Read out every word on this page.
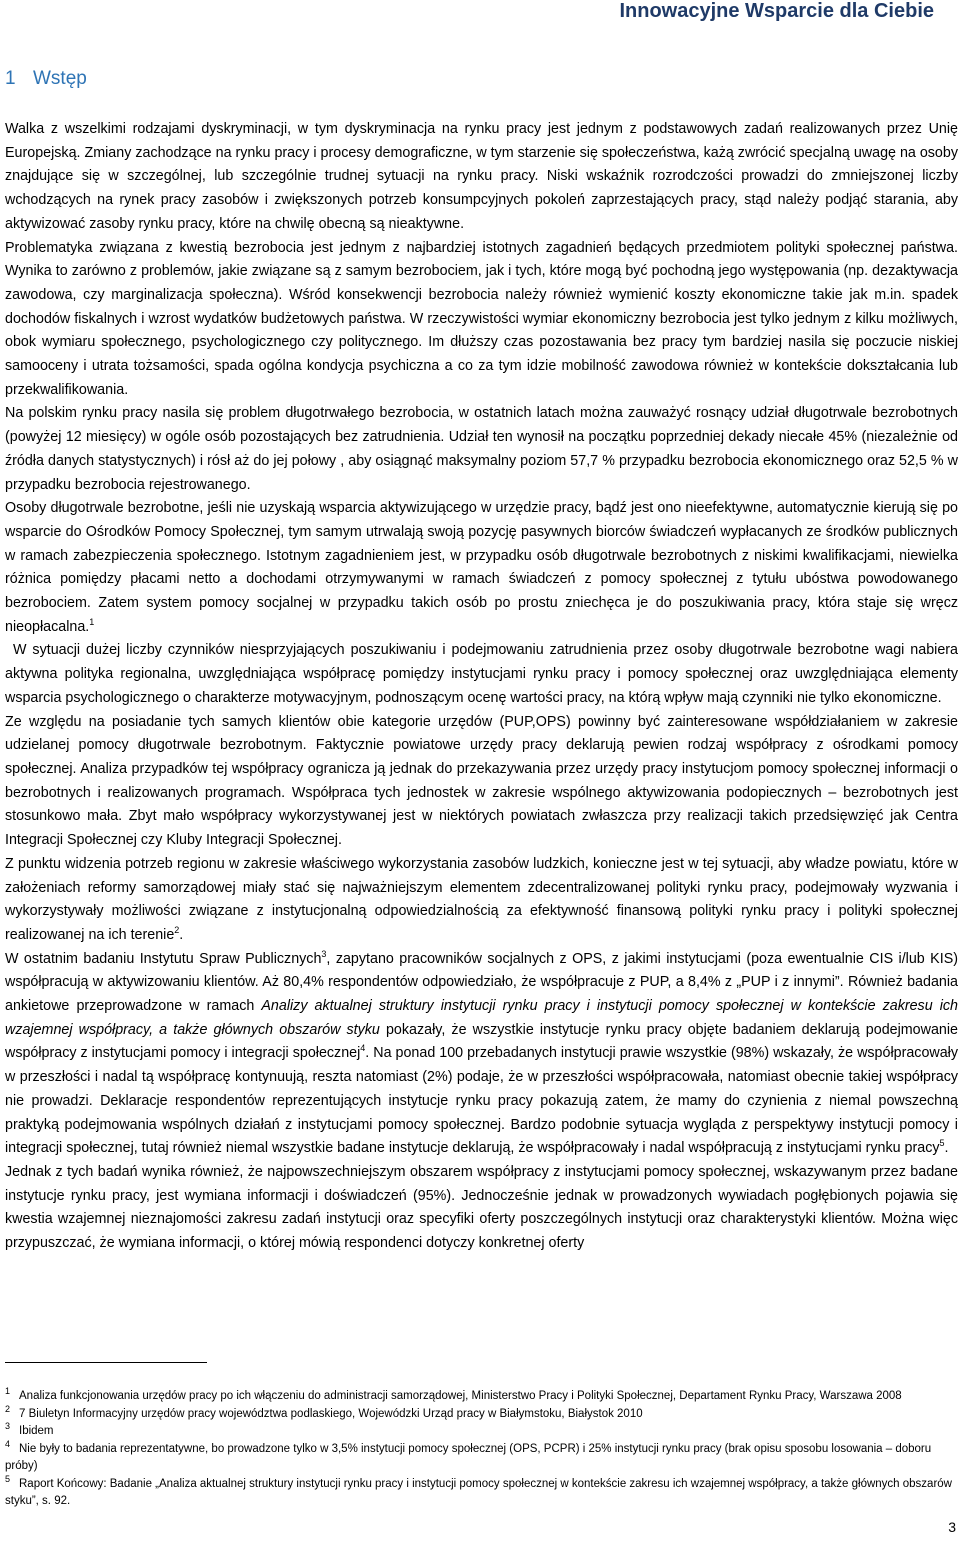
Innowacyjne Wsparcie dla Ciebie
1 Wstęp

Walka z wszelkimi rodzajami dyskryminacji, w tym dyskryminacja na rynku pracy jest jednym z podstawowych zadań realizowanych przez Unię Europejską. Zmiany zachodzące na rynku pracy i procesy demograficzne, w tym starzenie się społeczeństwa, każą zwrócić specjalną uwagę na osoby znajdujące się w szczególnej, lub szczególnie trudnej sytuacji na rynku pracy. Niski wskaźnik rozrodczości prowadzi do zmniejszonej liczby wchodzących na rynek pracy zasobów i zwiększonych potrzeb konsumpcyjnych pokoleń zaprzestających pracy, stąd należy podjąć starania, aby aktywizować zasoby rynku pracy, które na chwilę obecną są nieaktywne.

Problematyka związana z kwestią bezrobocia jest jednym z najbardziej istotnych zagadnień będących przedmiotem polityki społecznej państwa. Wynika to zarówno z problemów, jakie związane są z samym bezrobociem, jak i tych, które mogą być pochodną jego występowania (np. dezaktywacja zawodowa, czy marginalizacja społeczna). Wśród konsekwencji bezrobocia należy również wymienić koszty ekonomiczne takie jak m.in. spadek dochodów fiskalnych i wzrost wydatków budżetowych państwa. W rzeczywistości wymiar ekonomiczny bezrobocia jest tylko jednym z kilku możliwych, obok wymiaru społecznego, psychologicznego czy politycznego. Im dłuższy czas pozostawania bez pracy tym bardziej nasila się poczucie niskiej samooceny i utrata tożsamości, spada ogólna kondycja psychiczna a co za tym idzie mobilność zawodowa również w kontekście dokształcania lub przekwalifikowania.

Na polskim rynku pracy nasila się problem długotrwałego bezrobocia, w ostatnich latach można zauważyć rosnący udział długotrwale bezrobotnych (powyżej 12 miesięcy) w ogóle osób pozostających bez zatrudnienia. Udział ten wynosił na początku poprzedniej dekady niecałe 45% (niezależnie od źródła danych statystycznych) i rósł aż do jej połowy , aby osiągnąć maksymalny poziom 57,7 % przypadku bezrobocia ekonomicznego oraz 52,5 % w przypadku bezrobocia rejestrowanego.

Osoby długotrwale bezrobotne, jeśli nie uzyskają wsparcia aktywizującego w urzędzie pracy, bądź jest ono nieefektywne, automatycznie kierują się po wsparcie do Ośrodków Pomocy Społecznej, tym samym utrwalają swoją pozycję pasywnych biorców świadczeń wypłacanych ze środków publicznych w ramach zabezpieczenia społecznego. Istotnym zagadnieniem jest, w przypadku osób długotrwale bezrobotnych z niskimi kwalifikacjami, niewielka różnica pomiędzy płacami netto a dochodami otrzymywanymi w ramach świadczeń z pomocy społecznej z tytułu ubóstwa powodowanego bezrobociem. Zatem system pomocy socjalnej w przypadku takich osób po prostu zniechęca je do poszukiwania pracy, która staje się wręcz nieopłacalna.$^1$

W sytuacji dużej liczby czynników niesprzyjających poszukiwaniu i podejmowaniu zatrudnienia przez osoby długotrwale bezrobotne wagi nabiera aktywna polityka regionalna, uwzględniająca współpracę pomiędzy instytucjami rynku pracy i pomocy społecznej oraz uwzględniająca elementy wsparcia psychologicznego o charakterze motywacyjnym, podnoszącym ocenę wartości pracy, na którą wpływ mają czynniki nie tylko ekonomiczne.

Ze względu na posiadanie tych samych klientów obie kategorie urzędów (PUP,OPS) powinny być zainteresowane współdziałaniem w zakresie udzielanej pomocy długotrwale bezrobotnym. Faktycznie powiatowe urzędy pracy deklarują pewien rodzaj współpracy z ośrodkami pomocy społecznej. Analiza przypadków tej współpracy ogranicza ją jednak do przekazywania przez urzędy pracy instytucjom pomocy społecznej informacji o bezrobotnych i realizowanych programach. Współpraca tych jednostek w zakresie wspólnego aktywizowania podopiecznych – bezrobotnych jest stosunkowo mała. Zbyt mało współpracy wykorzystywanej jest w niektórych powiatach zwłaszcza przy realizacji takich przedsięwzięć jak Centra Integracji Społecznej czy Kluby Integracji Społecznej.

Z punktu widzenia potrzeb regionu w zakresie właściwego wykorzystania zasobów ludzkich, konieczne jest w tej sytuacji, aby władze powiatu, które w założeniach reformy samorządowej miały stać się najważniejszym elementem zdecentralizowanej polityki rynku pracy, podejmowały wyzwania i wykorzystywały możliwości związane z instytucjonalną odpowiedzialnością za efektywność finansową polityki rynku pracy i polityki społecznej realizowanej na ich terenie$^2$.

W ostatnim badaniu Instytutu Spraw Publicznych$^3$, zapytano pracowników socjalnych z OPS, z jakimi instytucjami (poza ewentualnie CIS i/lub KIS) współpracują w aktywizowaniu klientów. Aż 80,4% respondentów odpowiedziało, że współpracuje z PUP, a 8,4% z „PUP i z innymi”. Również badania ankietowe przeprowadzone w ramach Analizy aktualnej struktury instytucji rynku pracy i instytucji pomocy społecznej w kontekście zakresu ich wzajemnej współpracy, a także głównych obszarów styku pokazały, że wszystkie instytucje rynku pracy objęte badaniem deklarują podejmowanie współpracy z instytucjami pomocy i integracji społecznej$^4$. Na ponad 100 przebadanych instytucji prawie wszystkie (98%) wskazały, że współpracowały w przeszłości i nadal tą współpracę kontynuują, reszta natomiast (2%) podaje, że w przeszłości współpracowała, natomiast obecnie takiej współpracy nie prowadzi. Deklaracje respondentów reprezentujących instytucje rynku pracy pokazują zatem, że mamy do czynienia z niemal powszechną praktyką podejmowania wspólnych działań z instytucjami pomocy społecznej. Bardzo podobnie sytuacja wygląda z perspektywy instytucji pomocy i integracji społecznej, tutaj również niemal wszystkie badane instytucje deklarują, że współpracowały i nadal współpracują z instytucjami rynku pracy$^5$.

Jednak z tych badań wynika również, że najpowszechniejszym obszarem współpracy z instytucjami pomocy społecznej, wskazywanym przez badane instytucje rynku pracy, jest wymiana informacji i doświadczeń (95%). Jednocześnie jednak w prowadzonych wywiadach pogłębionych pojawia się kwestia wzajemnej nieznajomości zakresu zadań instytucji oraz specyfiki oferty poszczególnych instytucji oraz charakterystyki klientów. Można więc przypuszczać, że wymiana informacji, o której mówią respondenci dotyczy konkretnej oferty

$^1$ Analiza funkcjonowania urzędów pracy po ich włączeniu do administracji samorządowej, Ministerstwo Pracy i Polityki Społecznej, Departament Rynku Pracy, Warszawa 2008

$^2$ 7 Biuletyn Informacyjny urzędów pracy województwa podlaskiego, Wojewódzki Urząd pracy w Białymstoku, Białystok 2010

$^3$ Ibidem

$^4$ Nie były to badania reprezentatywne, bo prowadzone tylko w 3,5% instytucji pomocy społecznej (OPS, PCPR) i 25% instytucji rynku pracy (brak opisu sposobu losowania – doboru próby)

$^5$ Raport Końcowy: Badanie „Analiza aktualnej struktury instytucji rynku pracy i instytucji pomocy społecznej w kontekście zakresu ich wzajemnej współpracy, a także głównych obszarów styku”, s. 92.

3
